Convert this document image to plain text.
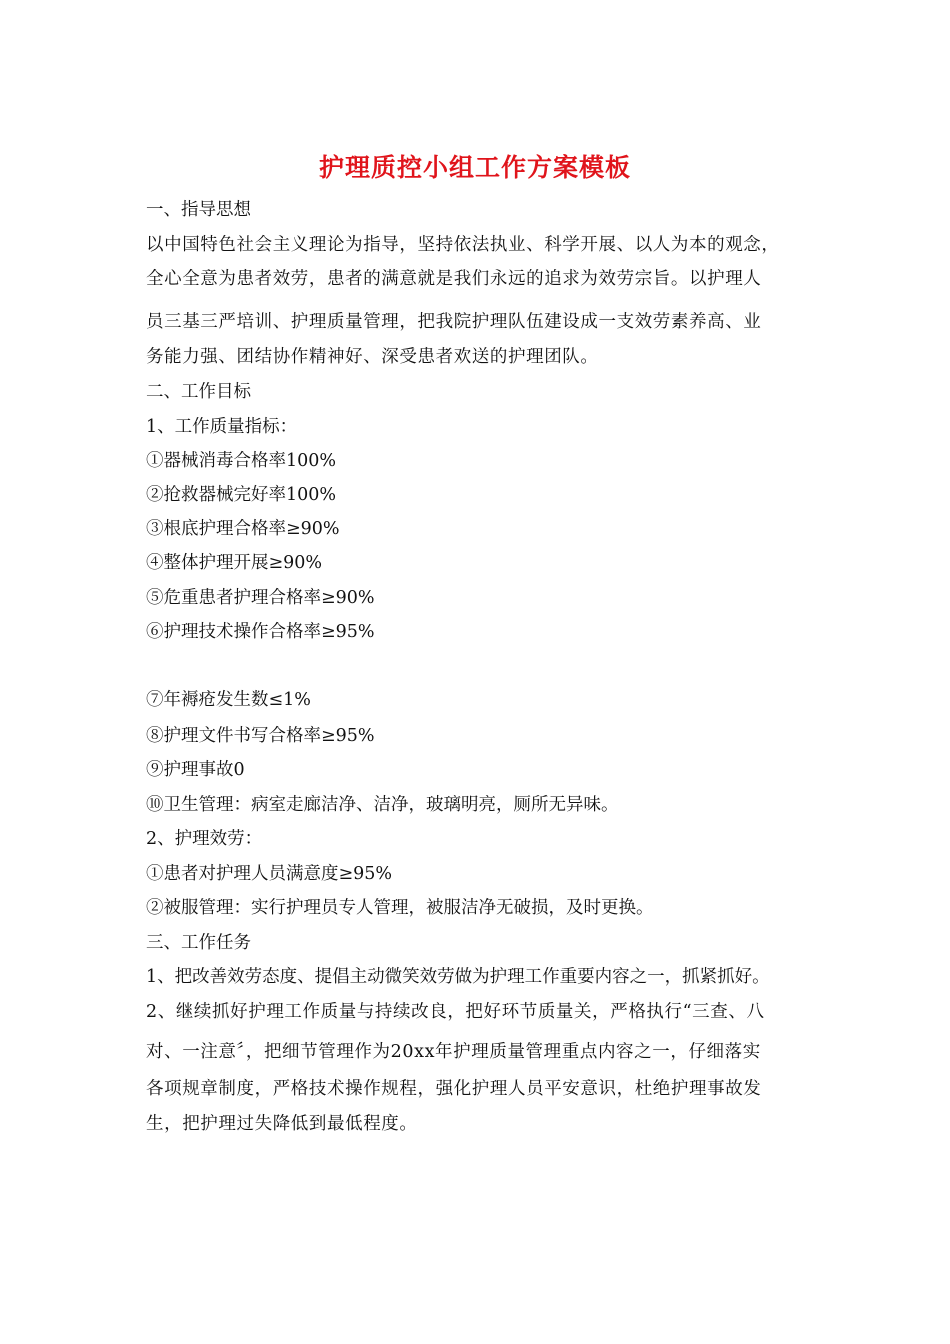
护理质控小组工作方案模板
一、指导思想
以中国特色社会主义理论为指导，坚持依法执业、科学开展、以人为本的观念，
全心全意为患者效劳，患者的满意就是我们永远的追求为效劳宗旨。以护理人
员三基三严培训、护理质量管理，把我院护理队伍建设成一支效劳素养高、业
务能力强、团结协作精神好、深受患者欢送的护理团队。
二、工作目标
1、工作质量指标：
①器械消毒合格率100%
②抢救器械完好率100%
③根底护理合格率≥90%
④整体护理开展≥90%
⑤危重患者护理合格率≥90%
⑥护理技术操作合格率≥95%
⑦年褥疮发生数≤1%
⑧护理文件书写合格率≥95%
⑨护理事故0
⑩卫生管理：病室走廊洁净、洁净，玻璃明亮，厕所无异味。
2、护理效劳：
①患者对护理人员满意度≥95%
②被服管理：实行护理员专人管理，被服洁净无破损，及时更换。
三、工作任务
1、把改善效劳态度、提倡主动微笑效劳做为护理工作重要内容之一，抓紧抓好。
2、继续抓好护理工作质量与持续改良，把好环节质量关，严格执行“三查、八
对、一注意〞，把细节管理作为20xx年护理质量管理重点内容之一，仔细落实
各项规章制度，严格技术操作规程，强化护理人员平安意识，杜绝护理事故发
生，把护理过失降低到最低程度。
